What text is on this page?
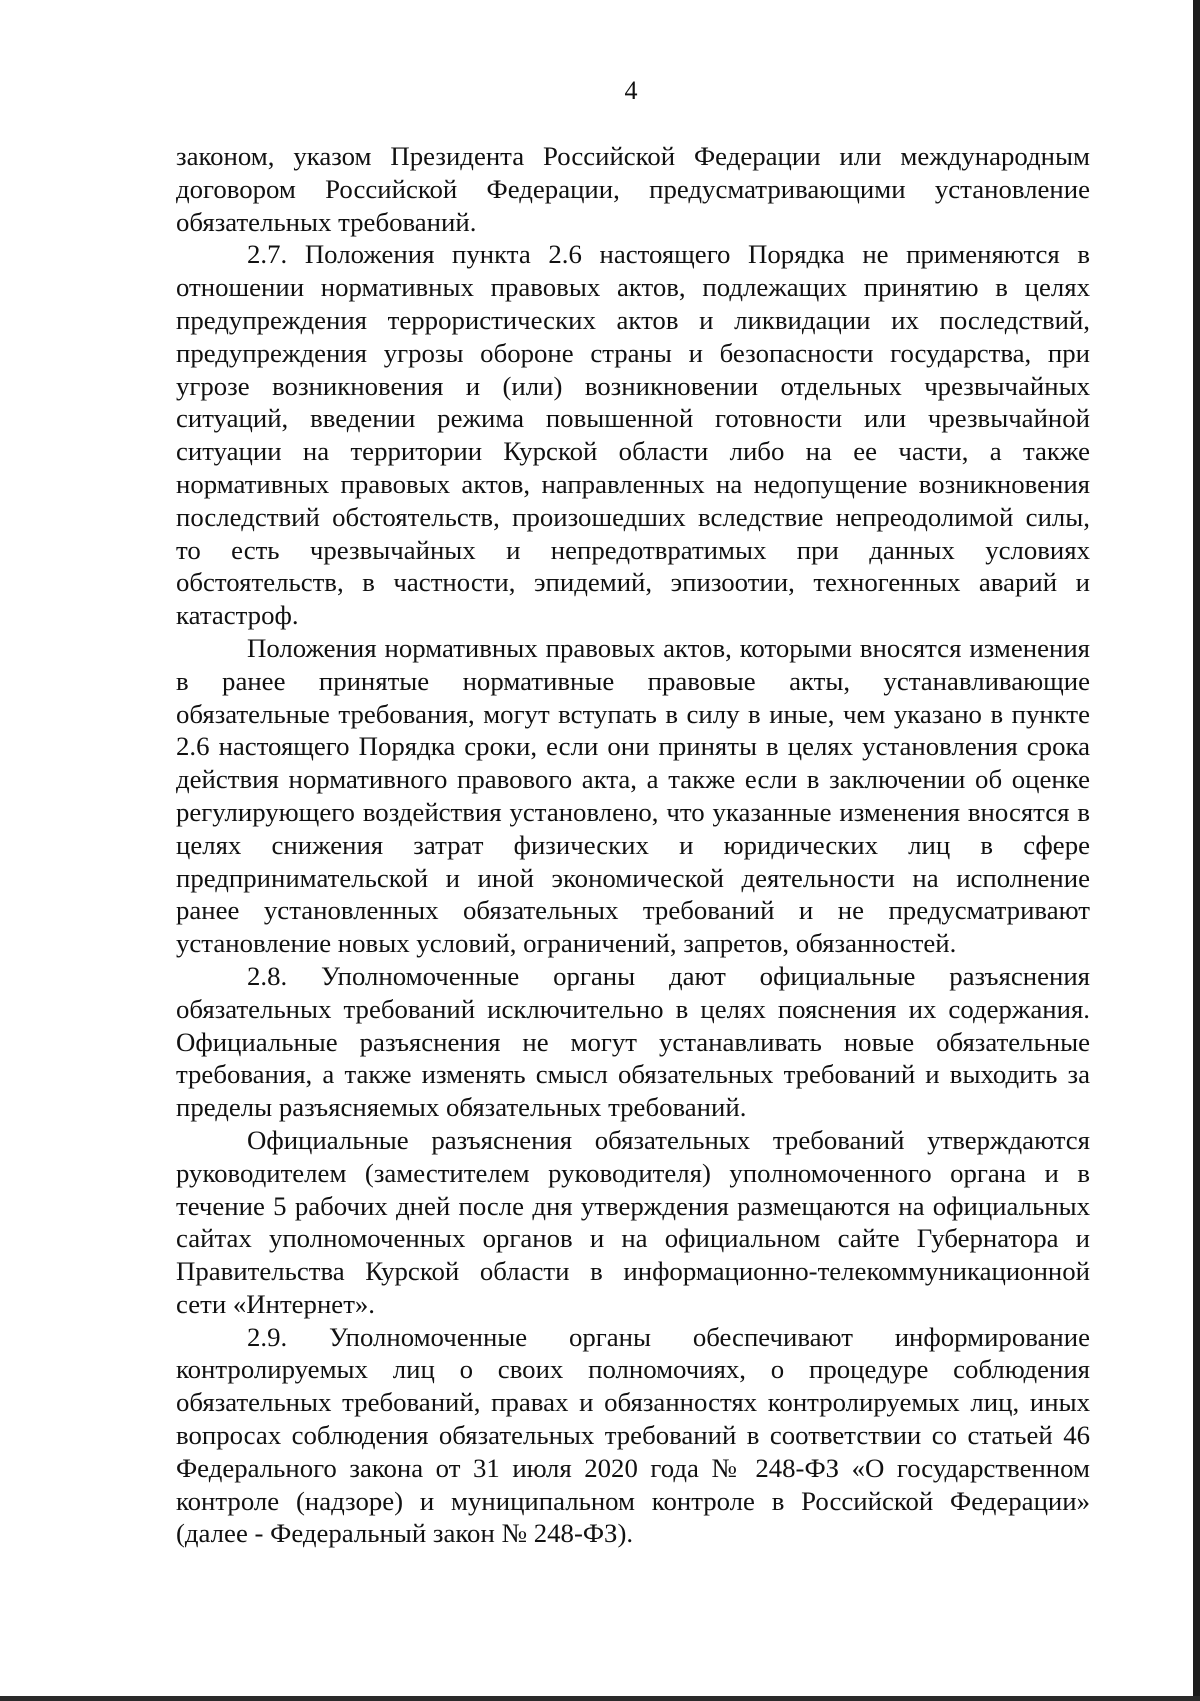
4

законом, указом Президента Российской Федерации или международным договором Российской Федерации, предусматривающими установление обязательных требований.

2.7. Положения пункта 2.6 настоящего Порядка не применяются в отношении нормативных правовых актов, подлежащих принятию в целях предупреждения террористических актов и ликвидации их последствий, предупреждения угрозы обороне страны и безопасности государства, при угрозе возникновения и (или) возникновении отдельных чрезвычайных ситуаций, введении режима повышенной готовности или чрезвычайной ситуации на территории Курской области либо на ее части, а также нормативных правовых актов, направленных на недопущение возникновения последствий обстоятельств, произошедших вследствие непреодолимой силы, то есть чрезвычайных и непредотвратимых при данных условиях обстоятельств, в частности, эпидемий, эпизоотии, техногенных аварий и катастроф.

Положения нормативных правовых актов, которыми вносятся изменения в ранее принятые нормативные правовые акты, устанавливающие обязательные требования, могут вступать в силу в иные, чем указано в пункте 2.6 настоящего Порядка сроки, если они приняты в целях установления срока действия нормативного правового акта, а также если в заключении об оценке регулирующего воздействия установлено, что указанные изменения вносятся в целях снижения затрат физических и юридических лиц в сфере предпринимательской и иной экономической деятельности на исполнение ранее установленных обязательных требований и не предусматривают установление новых условий, ограничений, запретов, обязанностей.

2.8. Уполномоченные органы дают официальные разъяснения обязательных требований исключительно в целях пояснения их содержания. Официальные разъяснения не могут устанавливать новые обязательные требования, а также изменять смысл обязательных требований и выходить за пределы разъясняемых обязательных требований.

Официальные разъяснения обязательных требований утверждаются руководителем (заместителем руководителя) уполномоченного органа и в течение 5 рабочих дней после дня утверждения размещаются на официальных сайтах уполномоченных органов и на официальном сайте Губернатора и Правительства Курской области в информационно-телекоммуникационной сети «Интернет».

2.9. Уполномоченные органы обеспечивают информирование контролируемых лиц о своих полномочиях, о процедуре соблюдения обязательных требований, правах и обязанностях контролируемых лиц, иных вопросах соблюдения обязательных требований в соответствии со статьей 46 Федерального закона от 31 июля 2020 года № 248-ФЗ «О государственном контроле (надзоре) и муниципальном контроле в Российской Федерации» (далее - Федеральный закон № 248-ФЗ).
